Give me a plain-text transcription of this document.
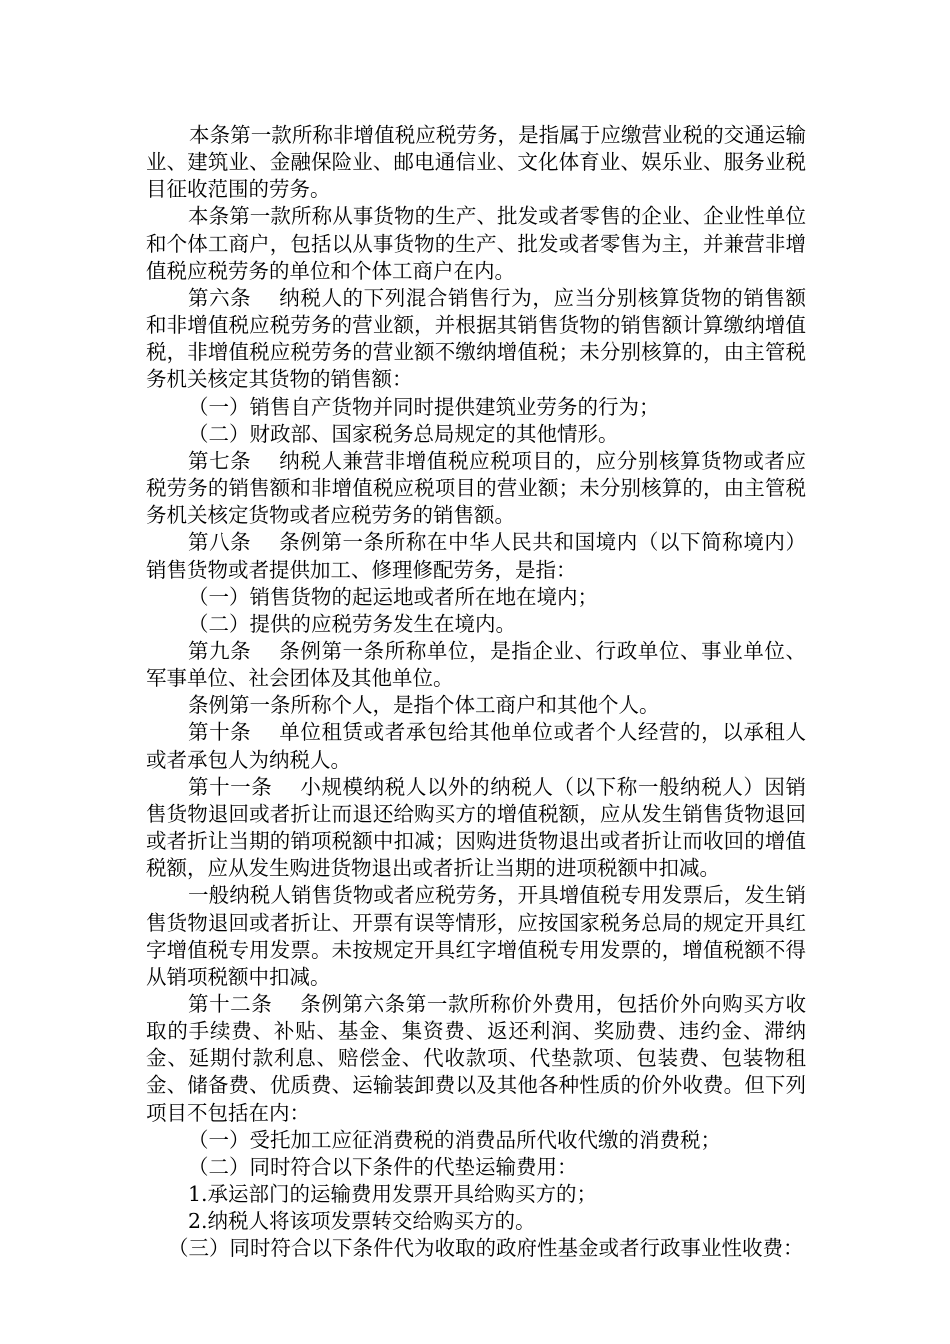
本条第一款所称非增值税应税劳务，是指属于应缴营业税的交通运输业、建筑业、金融保险业、邮电通信业、文化体育业、娱乐业、服务业税目征收范围的劳务。

本条第一款所称从事货物的生产、批发或者零售的企业、企业性单位和个体工商户，包括以从事货物的生产、批发或者零售为主，并兼营非增值税应税劳务的单位和个体工商户在内。

第六条 纳税人的下列混合销售行为，应当分别核算货物的销售额和非增值税应税劳务的营业额，并根据其销售货物的销售额计算缴纳增值税，非增值税应税劳务的营业额不缴纳增值税；未分别核算的，由主管税务机关核定其货物的销售额：

（一）销售自产货物并同时提供建筑业劳务的行为；

（二）财政部、国家税务总局规定的其他情形。

第七条 纳税人兼营非增值税应税项目的，应分别核算货物或者应税劳务的销售额和非增值税应税项目的营业额；未分别核算的，由主管税务机关核定货物或者应税劳务的销售额。

第八条 条例第一条所称在中华人民共和国境内（以下简称境内）销售货物或者提供加工、修理修配劳务，是指：

（一）销售货物的起运地或者所在地在境内；

（二）提供的应税劳务发生在境内。

第九条 条例第一条所称单位，是指企业、行政单位、事业单位、军事单位、社会团体及其他单位。

条例第一条所称个人，是指个体工商户和其他个人。

第十条 单位租赁或者承包给其他单位或者个人经营的，以承租人或者承包人为纳税人。

第十一条 小规模纳税人以外的纳税人（以下称一般纳税人）因销售货物退回或者折让而退还给购买方的增值税额，应从发生销售货物退回或者折让当期的销项税额中扣减；因购进货物退出或者折让而收回的增值税额，应从发生购进货物退出或者折让当期的进项税额中扣减。

一般纳税人销售货物或者应税劳务，开具增值税专用发票后，发生销售货物退回或者折让、开票有误等情形，应按国家税务总局的规定开具红字增值税专用发票。未按规定开具红字增值税专用发票的，增值税额不得从销项税额中扣减。

第十二条 条例第六条第一款所称价外费用，包括价外向购买方收取的手续费、补贴、基金、集资费、返还利润、奖励费、违约金、滞纳金、延期付款利息、赔偿金、代收款项、代垫款项、包装费、包装物租金、储备费、优质费、运输装卸费以及其他各种性质的价外收费。但下列项目不包括在内：

（一）受托加工应征消费税的消费品所代收代缴的消费税；

（二）同时符合以下条件的代垫运输费用：

1.承运部门的运输费用发票开具给购买方的；

2.纳税人将该项发票转交给购买方的。

（三）同时符合以下条件代为收取的政府性基金或者行政事业性收费：
